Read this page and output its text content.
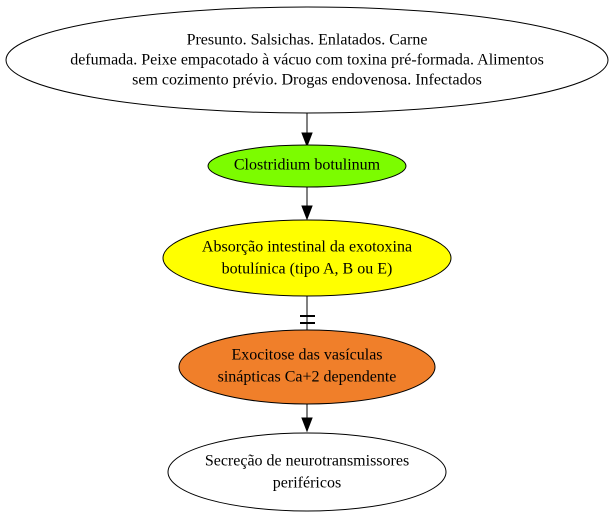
Presunto. Salsichas. Enlatados. Carne
defumada. Peixe empacotado à vácuo com toxina pré-formada. Alimentos
sem cozimento prévio. Drogas endovenosa. Infectados
Clostridium botulinum
Absorção intestinal da exotoxina
botulínica (tipo A, B ou E)
Exocitose das vasículas
sinápticas Ca+2 dependente
Secreção de neurotransmissores
periféricos
